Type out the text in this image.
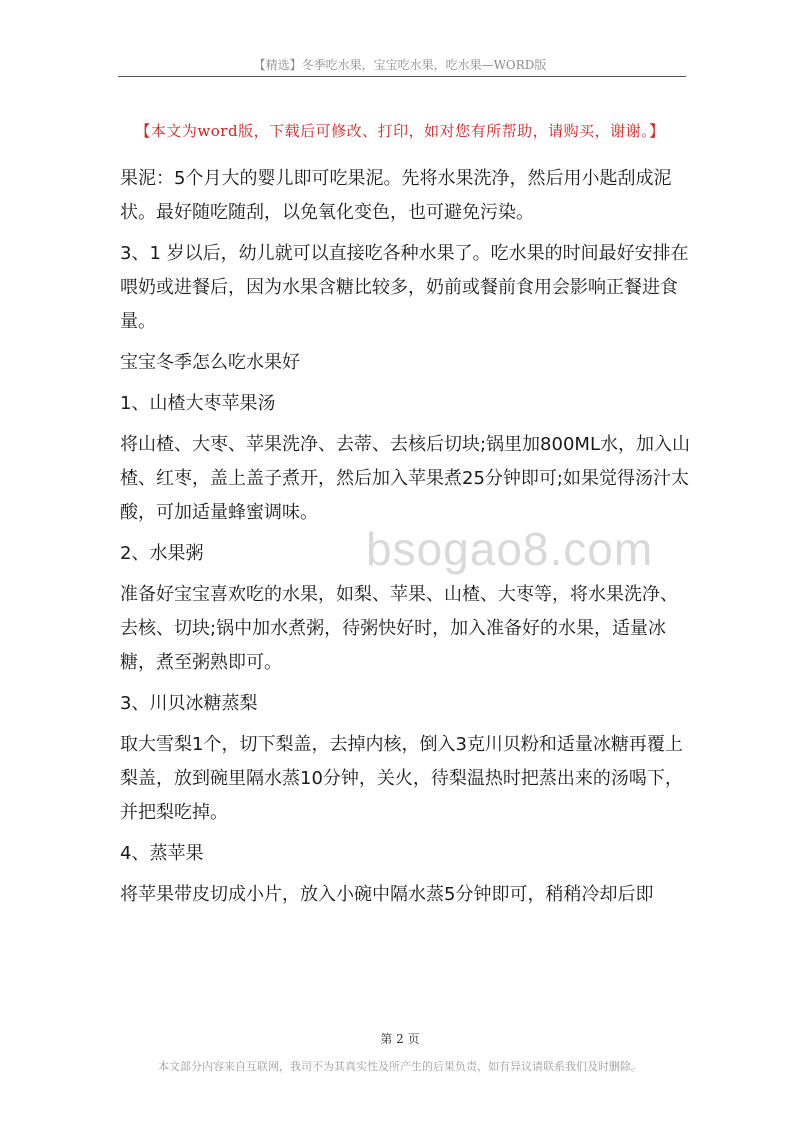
【精选】冬季吃水果，宝宝吃水果，吃水果—WORD版
【本文为word版，下载后可修改、打印，如对您有所帮助，请购买，谢谢。】

果泥：5个月大的婴儿即可吃果泥。先将水果洗净，然后用小匙刮成泥状。最好随吃随刮，以免氧化变色，也可避免污染。

3、1 岁以后，幼儿就可以直接吃各种水果了。吃水果的时间最好安排在喂奶或进餐后，因为水果含糖比较多，奶前或餐前食用会影响正餐进食量。

宝宝冬季怎么吃水果好

1、山楂大枣苹果汤

将山楂、大枣、苹果洗净、去蒂、去核后切块;锅里加800ML水，加入山楂、红枣，盖上盖子煮开，然后加入苹果煮25分钟即可;如果觉得汤汁太酸，可加适量蜂蜜调味。

2、水果粥

准备好宝宝喜欢吃的水果，如梨、苹果、山楂、大枣等，将水果洗净、去核、切块;锅中加水煮粥，待粥快好时，加入准备好的水果，适量冰糖，煮至粥熟即可。

3、川贝冰糖蒸梨

取大雪梨1个，切下梨盖，去掉内核，倒入3克川贝粉和适量冰糖再覆上梨盖，放到碗里隔水蒸10分钟，关火，待梨温热时把蒸出来的汤喝下，并把梨吃掉。

4、蒸苹果

将苹果带皮切成小片，放入小碗中隔水蒸5分钟即可，稍稍冷却后即

bsogao8.com
第 2 页
本文部分内容来自互联网，我司不为其真实性及所产生的后果负责，如有异议请联系我们及时删除。
